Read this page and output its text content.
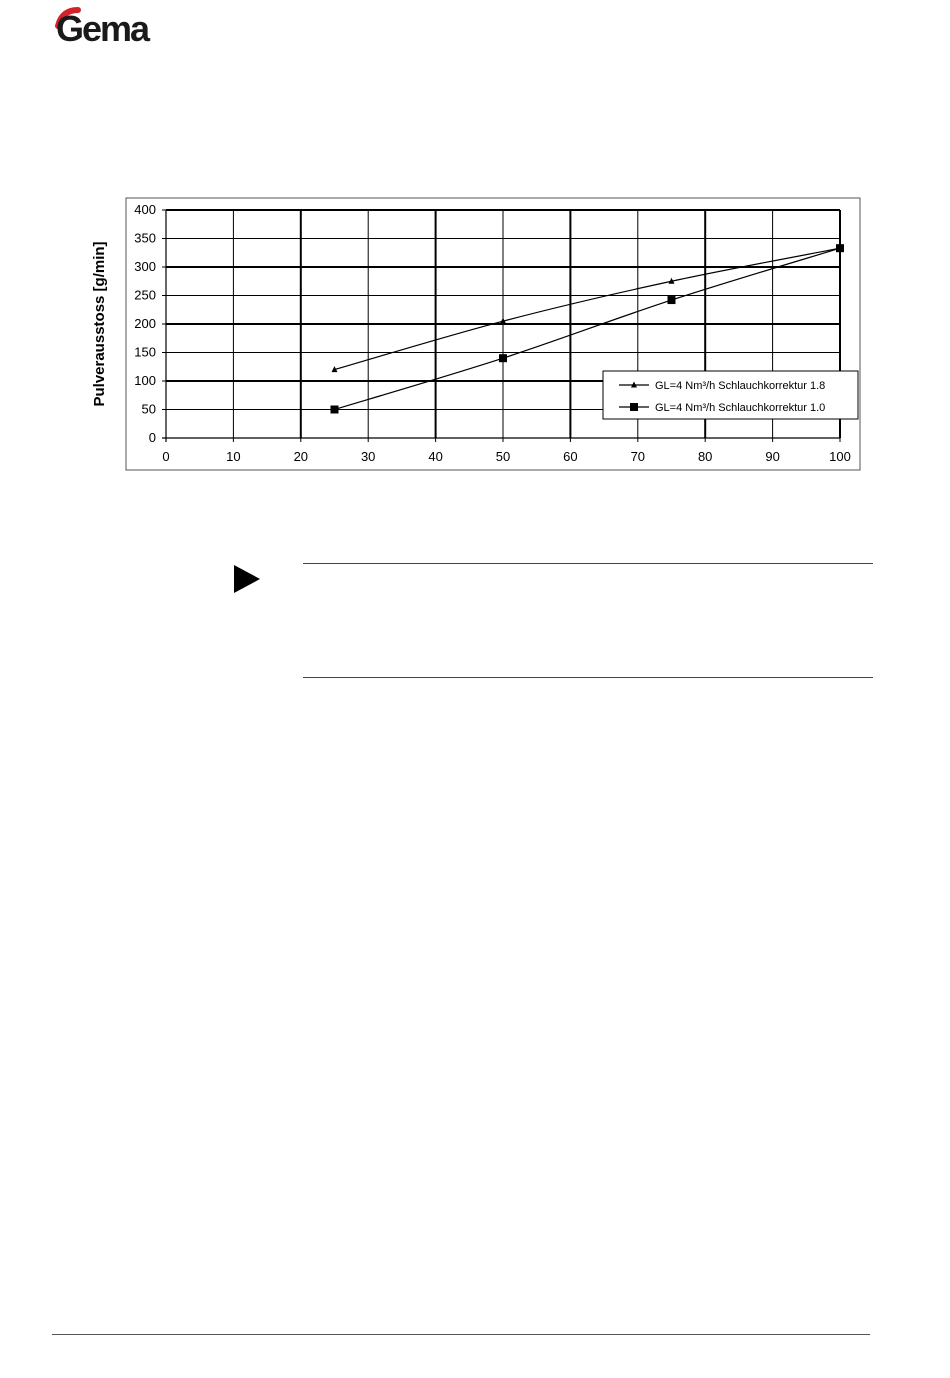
Gema
0	10	20	30	40	50	60	70	80	90	100
0
50
100
150
200
250
300
350
400
GL=4 Nm³/h Schlauchkorrektur 1.8
GL=4 Nm³/h Schlauchkorrektur 1.0
Pulverausstoss [g/min]
